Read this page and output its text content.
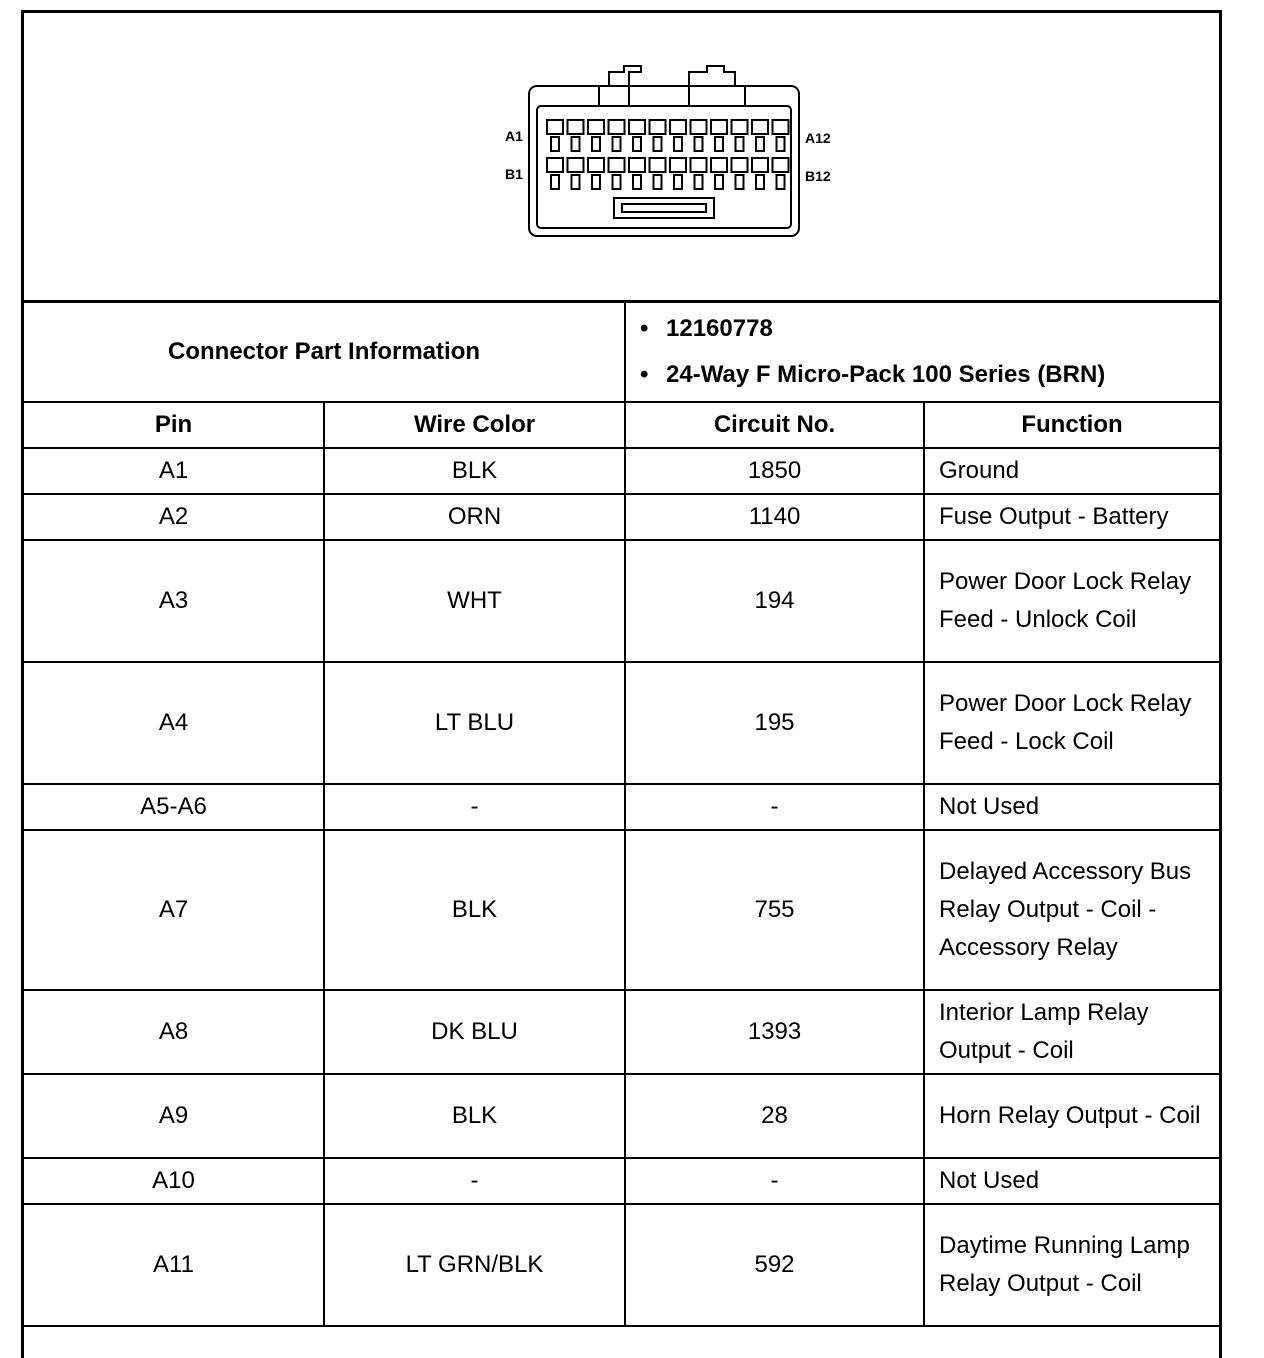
A1	A12
B1	B12
Connector Part Information		• 12160778
• 24-Way F Micro-Pack 100 Series (BRN)	

Pin	Wire Color	Circuit No.	Function
A1	BLK	1850	Ground
A2	ORN	1140	Fuse Output - Battery
A3	WHT	194	Power Door Lock Relay Feed - Unlock Coil
A4	LT BLU	195	Power Door Lock Relay Feed - Lock Coil
A5-A6	-	-	Not Used
A7	BLK	755	Delayed Accessory Bus Relay Output - Coil - Accessory Relay
A8	DK BLU	1393	Interior Lamp Relay Output - Coil
A9	BLK	28	Horn Relay Output - Coil
A10	-	-	Not Used
A11	LT GRN/BLK	592	Daytime Running Lamp Relay Output - Coil
